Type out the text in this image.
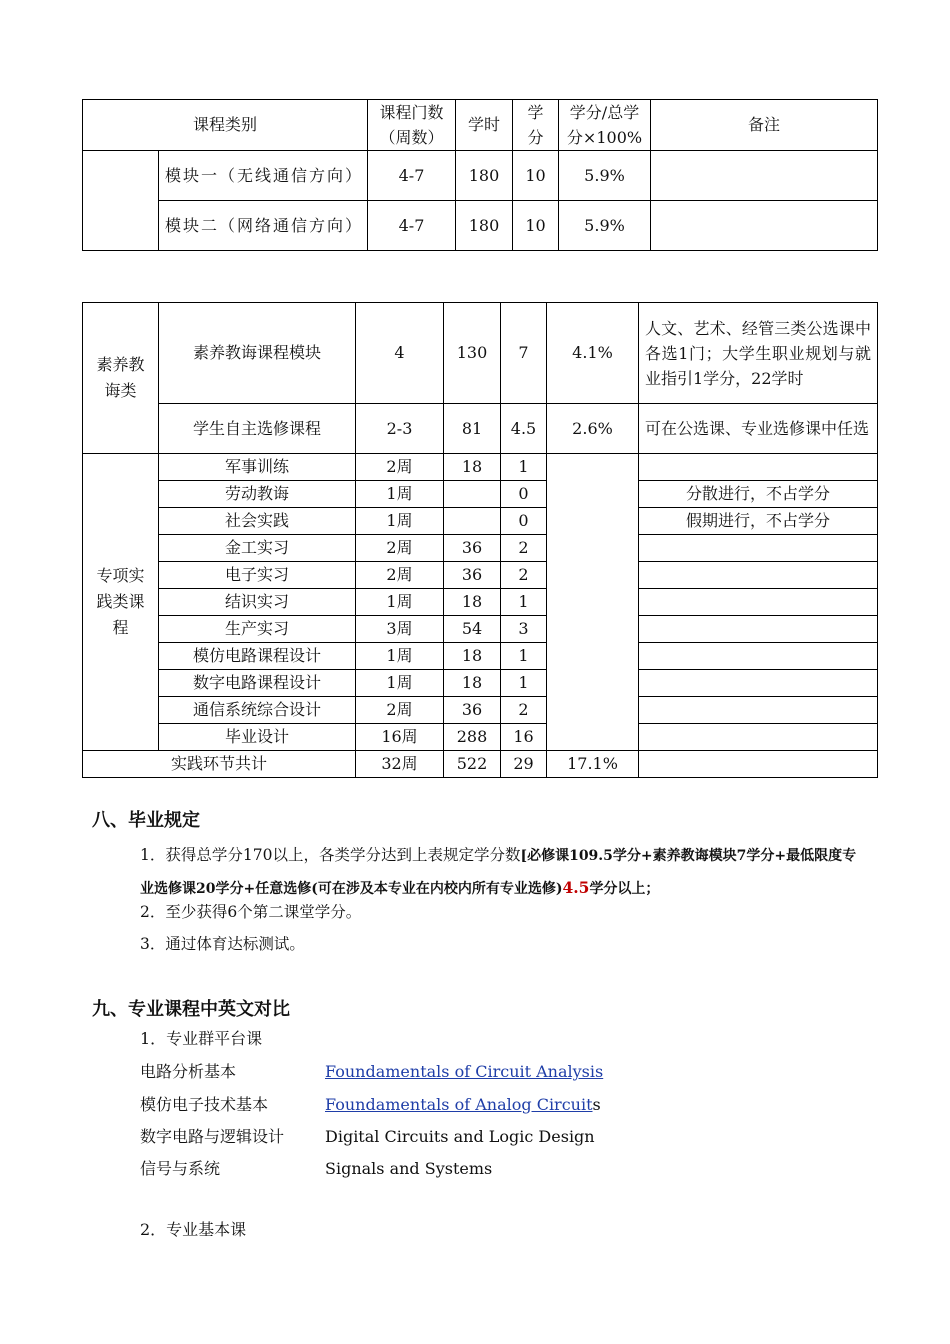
课程类别		课程门数（周数）	学时	学分	学分/总学分×100%	备注

	模块一（无线通信方向）	4-7	180	10	5.9%	

	模块二（网络通信方向）	4-7	180	10	5.9%	
素养教诲类	素养教诲课程模块	4	130	7	4.1%	人文、艺术、经管三类公选课中各选1门；大学生职业规划与就业指引1学分，22学时
	学生自主选修课程	2-3	81	4.5	2.6%	可在公选课、专业选修课中任选

专项实践类课程	军事训练	2周	18	1		
	劳动教诲	1周		0		分散进行，不占学分
	社会实践	1周		0		假期进行，不占学分
	金工实习	2周	36	2		
	电子实习	2周	36	2		
	结识实习	1周	18	1		
	生产实习	3周	54	3		
	模仿电路课程设计	1周	18	1		
	数字电路课程设计	1周	18	1		
	通信系统综合设计	2周	36	2		
	毕业设计	16周	288	16		
实践环节共计		32周	522	29	17.1%	
八、毕业规定
1．获得总学分170以上，各类学分达到上表规定学分数[必修课109.5学分+素养教诲模块7学分+最低限度专业选修课20学分+任意选修(可在涉及本专业在内校内所有专业选修)4.5学分以上；
2．至少获得6个第二课堂学分。
3．通过体育达标测试。
九、专业课程中英文对比
1．专业群平台课
电路分析基本	Foundamentals of Circuit Analysis
模仿电子技术基本	Foundamentals of Analog Circuits
数字电路与逻辑设计	Digital Circuits and Logic Design
信号与系统	Signals and Systems
2．专业基本课
